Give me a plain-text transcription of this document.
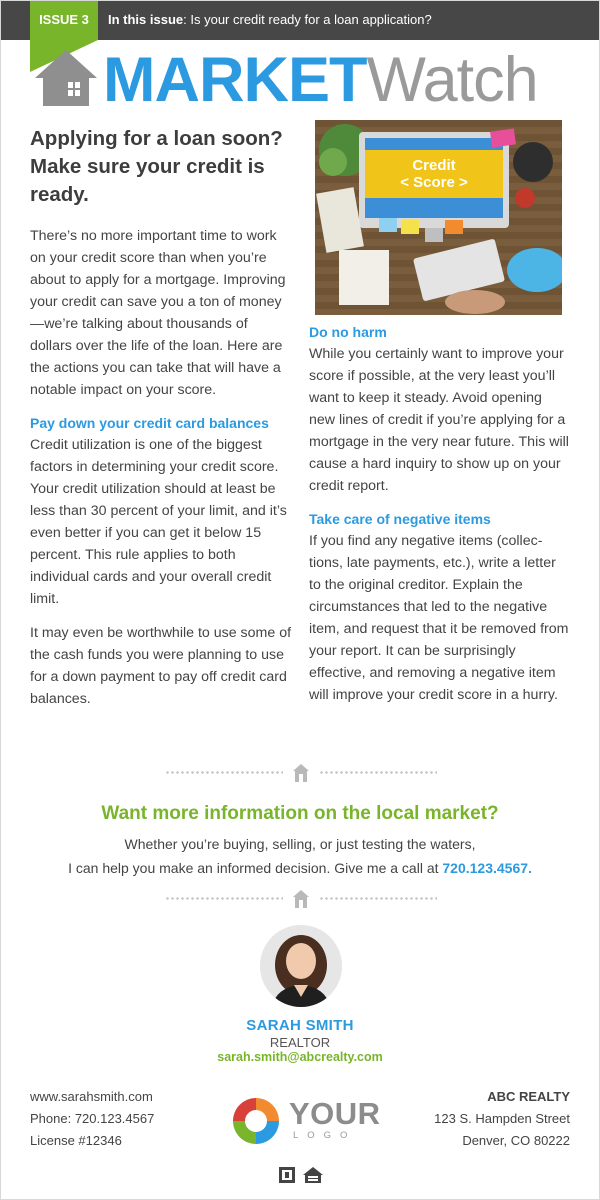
In this issue: Is your credit ready for a loan application?
ISSUE 3
MARKETWatch
Applying for a loan soon? Make sure your credit is ready.

There’s no more important time to work on your credit score than when you’re about to apply for a mortgage. Improving your credit can save you a ton of money—we’re talking about thousands of dollars over the life of the loan. Here are the actions you can take that will have a notable impact on your score.

Pay down your credit card balances

Credit utilization is one of the biggest factors in determining your credit score. Your credit utilization should at least be less than 30 percent of your limit, and it’s even better if you can get it below 15 percent. This rule applies to both individual cards and your overall credit limit.

It may even be worthwhile to use some of the cash funds you were planning to use for a down payment to pay off credit card balances.

Credit
< Score >
Do no harm

While you certainly want to improve your score if possible, at the very least you’ll want to keep it steady. Avoid opening new lines of credit if you’re applying for a mortgage in the very near future. This will cause a hard inquiry to show up on your credit report.

Take care of negative items

If you find any negative items (collec-tions, late payments, etc.), write a letter to the original creditor. Explain the circumstances that led to the negative item, and request that it be removed from your report. It can be surprisingly effective, and removing a negative item will improve your credit score in a hurry.

Want more information on the local market?
Whether you’re buying, selling, or just testing the waters,
I can help you make an informed decision. Give me a call at 720.123.4567.
SARAH SMITH
REALTOR
sarah.smith@abcrealty.com
www.sarahsmith.com
Phone: 720.123.4567
License #12346
YOUR
LOGO
ABC REALTY
123 S. Hampden Street
Denver, CO 80222
